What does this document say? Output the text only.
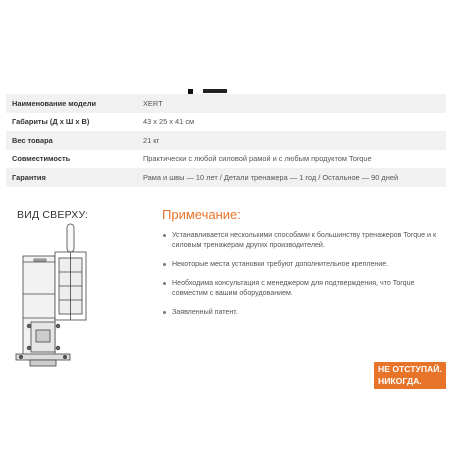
Наименование модели	XERT
Габариты (Д x Ш x В)	43 x 25 x 41 см
Вес товара	21 кг
Совместимость	Практически с любой силовой рамой и с любым продуктом Torque
Гарантия	Рама и швы — 10 лет / Детали тренажера — 1 год / Остальное — 90 дней
ВИД СВЕРХУ:	Примечание:
Устанавливается несколькими способами к большинству тренажеров Torque и к силовым тренажерам других производителей.
Некоторые места установки требуют дополнительное крепление.
Необходима консультация с менеджером для подтверждения, что Torque совместим с вашим оборудованием.
Заявленный патент.
НЕ ОТСТУПАЙ.
НИКОГДА.
